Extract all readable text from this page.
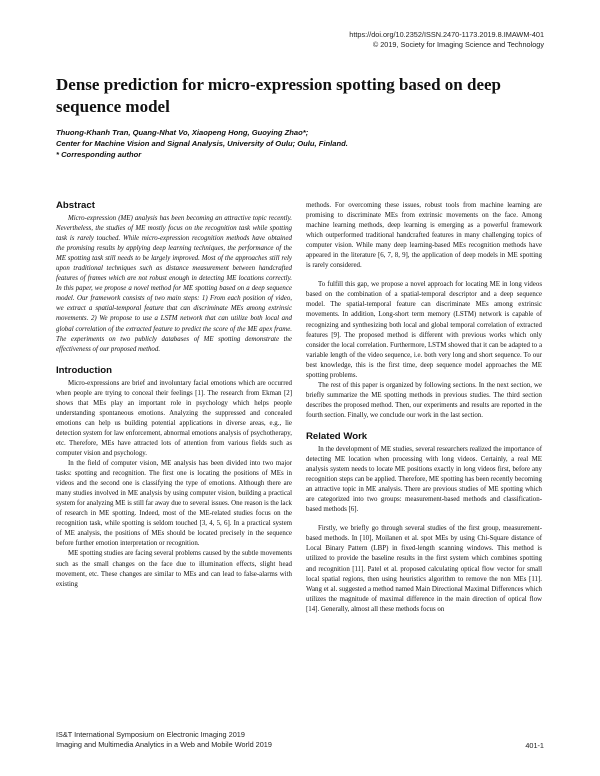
https://doi.org/10.2352/ISSN.2470-1173.2019.8.IMAWM-401
© 2019, Society for Imaging Science and Technology
Dense prediction for micro-expression spotting based on deep sequence model
Thuong-Khanh Tran, Quang-Nhat Vo, Xiaopeng Hong, Guoying Zhao*;
Center for Machine Vision and Signal Analysis, University of Oulu; Oulu, Finland.
* Corresponding author
Abstract

Micro-expression (ME) analysis has been becoming an attractive topic recently. Nevertheless, the studies of ME mostly focus on the recognition task while spotting task is rarely touched. While micro-expression recognition methods have obtained the promising results by applying deep learning techniques, the performance of the ME spotting task still needs to be largely improved. Most of the approaches still rely upon traditional techniques such as distance measurement between handcrafted features of frames which are not robust enough in detecting ME locations correctly. In this paper, we propose a novel method for ME spotting based on a deep sequence model. Our framework consists of two main steps: 1) From each position of video, we extract a spatial-temporal feature that can discriminate MEs among extrinsic movements. 2) We propose to use a LSTM network that can utilize both local and global correlation of the extracted feature to predict the score of the ME apex frame. The experiments on two publicly databases of ME spotting demonstrate the effectiveness of our proposed method.

Introduction

Micro-expressions are brief and involuntary facial emotions which are occurred when people are trying to conceal their feelings [1]. The research from Ekman [2] shows that MEs play an important role in psychology which helps people understanding spontaneous emotions. Analyzing the suppressed and concealed emotions can help us building potential applications in diverse areas, e.g., lie detection system for law enforcement, abnormal emotions analysis of psychotherapy, etc. Therefore, MEs have attracted lots of attention from various fields such as computer vision and psychology.

In the field of computer vision, ME analysis has been divided into two major tasks: spotting and recognition. The first one is locating the positions of MEs in videos and the second one is classifying the type of emotions. Although there are many studies involved in ME analysis by using computer vision, building a practical system for analyzing ME is still far away due to several issues. One reason is the lack of research in ME spotting. Indeed, most of the ME-related studies focus on the recognition task, while spotting is seldom touched [3, 4, 5, 6]. In a practical system of ME analysis, the positions of MEs should be located precisely in the sequence before further emotion interpretation or recognition.

ME spotting studies are facing several problems caused by the subtle movements such as the small changes on the face due to illumination effects, slight head movement, etc. These changes are similar to MEs and can lead to false-alarms with existing

methods. For overcoming these issues, robust tools from machine learning are promising to discriminate MEs from extrinsic movements on the face. Among machine learning methods, deep learning is emerging as a powerful framework which outperformed traditional handcrafted features in many challenging topics of computer vision. While many deep learning-based MEs recognition methods have appeared in the literature [6, 7, 8, 9], the application of deep models in ME spotting is rarely considered.

To fulfill this gap, we propose a novel approach for locating ME in long videos based on the combination of a spatial-temporal descriptor and a deep sequence model. The spatial-temporal feature can discriminate MEs among extrinsic movements. In addition, Long-short term memory (LSTM) network is capable of recognizing and synthesizing both local and global temporal correlation of extracted features [9]. The proposed method is different with previous works which only consider the local correlation. Furthermore, LSTM showed that it can be adapted to a variable length of the video sequence, i.e. both very long and short sequence. To our best knowledge, this is the first time, deep sequence model approaches the ME spotting problems.

The rest of this paper is organized by following sections. In the next section, we briefly summarize the ME spotting methods in previous studies. The third section describes the proposed method. Then, our experiments and results are reported in the fourth section. Finally, we conclude our work in the last section.

Related Work

In the development of ME studies, several researchers realized the importance of detecting ME location when processing with long videos. Certainly, a real ME analysis system needs to locate ME positions exactly in long videos first, before any recognition steps can be applied. Therefore, ME spotting has been recently becoming an attractive topic in ME analysis. There are previous studies of ME spotting which are categorized into two groups: measurement-based methods and classification-based methods [6].

Firstly, we briefly go through several studies of the first group, measurement-based methods. In [10], Moilanen et al. spot MEs by using Chi-Square distance of Local Binary Pattern (LBP) in fixed-length scanning windows. This method is utilized to provide the baseline results in the first system which combines spotting and recognition [11]. Patel et al. proposed calculating optical flow vector for small local spatial regions, then using heuristics algorithm to remove the non MEs [11]. Wang et al. suggested a method named Main Directional Maximal Differences which utilizes the magnitude of maximal difference in the main direction of optical flow [14]. Generally, almost all these methods focus on

IS&T International Symposium on Electronic Imaging 2019
Imaging and Multimedia Analytics in a Web and Mobile World 2019	401-1
